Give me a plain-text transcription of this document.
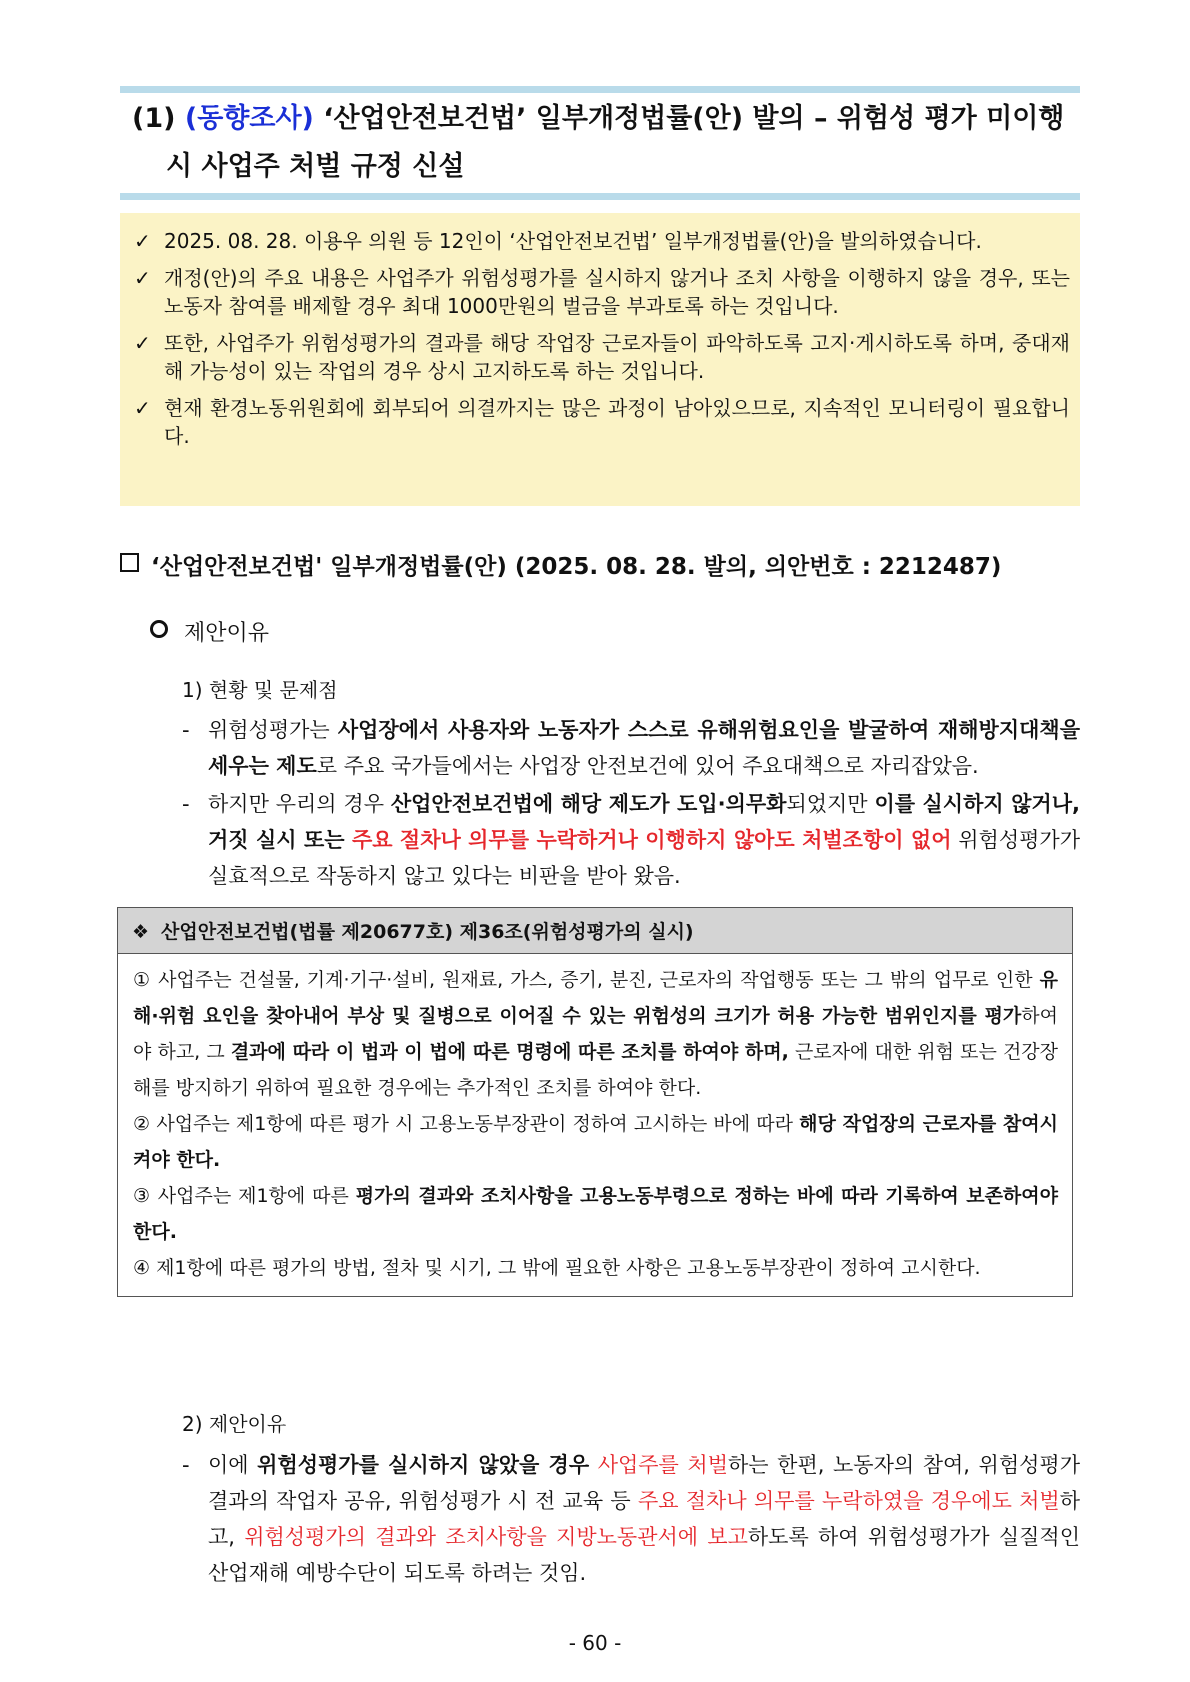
(1) (동향조사) ‘산업안전보건법’ 일부개정법률(안) 발의 – 위험성 평가 미이행
시 사업주 처벌 규정 신설
✓ 2025. 08. 28. 이용우 의원 등 12인이 ‘산업안전보건법’ 일부개정법률(안)을 발의하였습니다.
✓ 개정(안)의 주요 내용은 사업주가 위험성평가를 실시하지 않거나 조치 사항을 이행하지 않을 경우, 또는 노동자 참여를 배제할 경우 최대 1000만원의 벌금을 부과토록 하는 것입니다.
✓ 또한, 사업주가 위험성평가의 결과를 해당 작업장 근로자들이 파악하도록 고지·게시하도록 하며, 중대재해 가능성이 있는 작업의 경우 상시 고지하도록 하는 것입니다.
✓ 현재 환경노동위원회에 회부되어 의결까지는 많은 과정이 남아있으므로, 지속적인 모니터링이 필요합니다.
‘산업안전보건법' 일부개정법률(안) (2025. 08. 28. 발의, 의안번호 : 2212487)
제안이유
1) 현황 및 문제점
- 위험성평가는 사업장에서 사용자와 노동자가 스스로 유해위험요인을 발굴하여 재해방지대책을 세우는 제도로 주요 국가들에서는 사업장 안전보건에 있어 주요대책으로 자리잡았음.
- 하지만 우리의 경우 산업안전보건법에 해당 제도가 도입·의무화되었지만 이를 실시하지 않거나, 거짓 실시 또는 주요 절차나 의무를 누락하거나 이행하지 않아도 처벌조항이 없어 위험성평가가 실효적으로 작동하지 않고 있다는 비판을 받아 왔음.
❖ 산업안전보건법(법률 제20677호) 제36조(위험성평가의 실시)
① 사업주는 건설물, 기계·기구·설비, 원재료, 가스, 증기, 분진, 근로자의 작업행동 또는 그 밖의 업무로 인한 유해·위험 요인을 찾아내어 부상 및 질병으로 이어질 수 있는 위험성의 크기가 허용 가능한 범위인지를 평가하여야 하고, 그 결과에 따라 이 법과 이 법에 따른 명령에 따른 조치를 하여야 하며, 근로자에 대한 위험 또는 건강장해를 방지하기 위하여 필요한 경우에는 추가적인 조치를 하여야 한다.
② 사업주는 제1항에 따른 평가 시 고용노동부장관이 정하여 고시하는 바에 따라 해당 작업장의 근로자를 참여시켜야 한다.
③ 사업주는 제1항에 따른 평가의 결과와 조치사항을 고용노동부령으로 정하는 바에 따라 기록하여 보존하여야 한다.
④ 제1항에 따른 평가의 방법, 절차 및 시기, 그 밖에 필요한 사항은 고용노동부장관이 정하여 고시한다.
2) 제안이유
- 이에 위험성평가를 실시하지 않았을 경우 사업주를 처벌하는 한편, 노동자의 참여, 위험성평가 결과의 작업자 공유, 위험성평가 시 전 교육 등 주요 절차나 의무를 누락하였을 경우에도 처벌하고, 위험성평가의 결과와 조치사항을 지방노동관서에 보고하도록 하여 위험성평가가 실질적인 산업재해 예방수단이 되도록 하려는 것임.
- 60 -
